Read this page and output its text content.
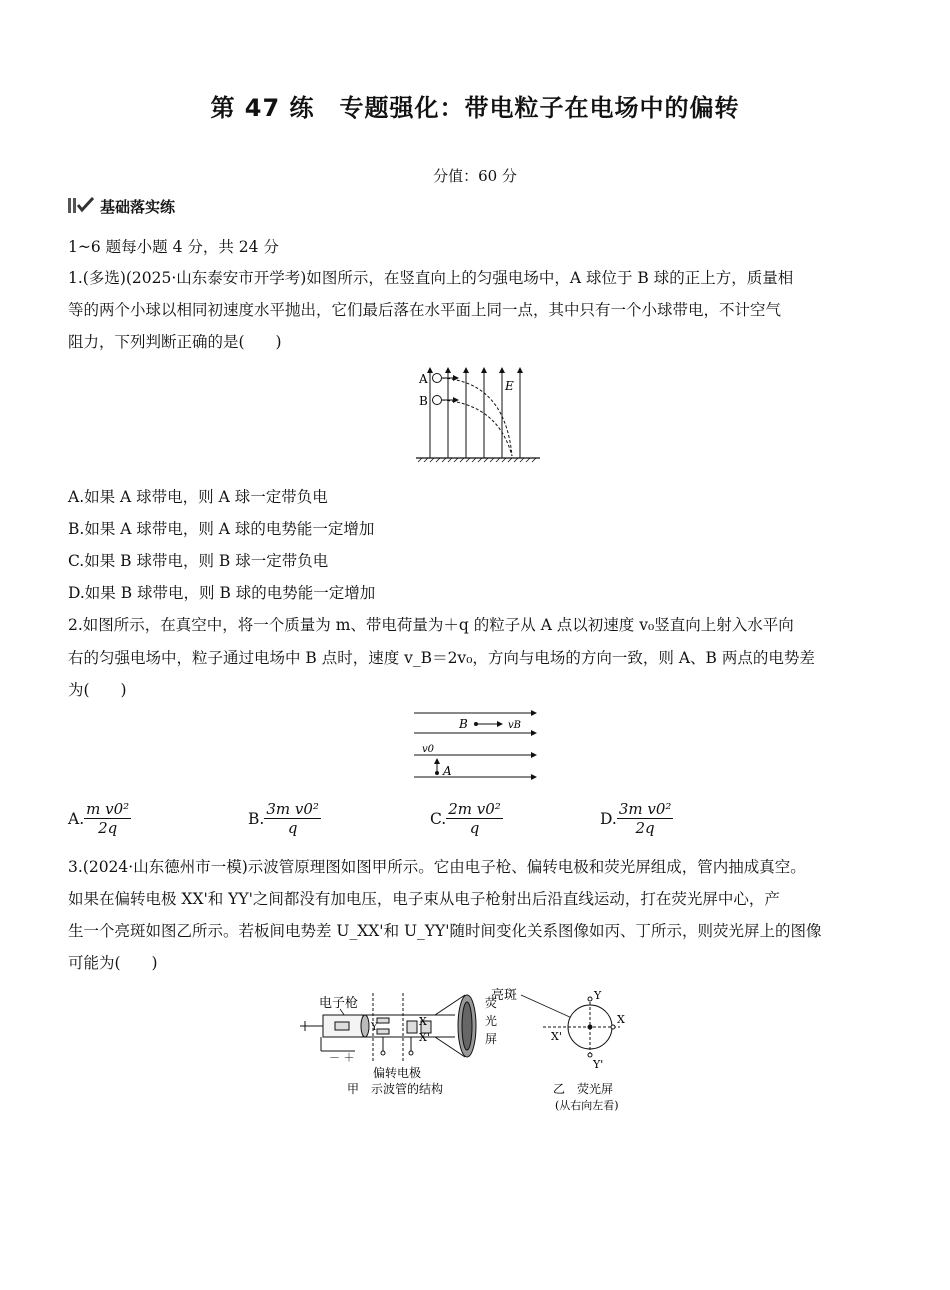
第 47 练　专题强化：带电粒子在电场中的偏转
分值：60 分
基础落实练
1~6 题每小题 4 分，共 24 分
1.(多选)(2025·山东泰安市开学考)如图所示，在竖直向上的匀强电场中，A 球位于 B 球的正上方，质量相
等的两个小球以相同初速度水平抛出，它们最后落在水平面上同一点，其中只有一个小球带电，不计空气
阻力，下列判断正确的是(　　)
A
B
E
A.如果 A 球带电，则 A 球一定带负电
B.如果 A 球带电，则 A 球的电势能一定增加
C.如果 B 球带电，则 B 球一定带负电
D.如果 B 球带电，则 B 球的电势能一定增加
2.如图所示，在真空中，将一个质量为 m、带电荷量为＋q 的粒子从 A 点以初速度 v₀竖直向上射入水平向
右的匀强电场中，粒子通过电场中 B 点时，速度 v_B＝2v₀，方向与电场的方向一致，则 A、B 两点的电势差
为(　　)
B	vB
v0
A
A. $\frac{\text{m v0²}}{2q}$	B. $\frac{\text{3m v0²}}{q}$	C. $\frac{\text{2m v0²}}{q}$	D. $\frac{\text{3m v0²}}{2q}$
3.(2024·山东德州市一模)示波管原理图如图甲所示。它由电子枪、偏转电极和荧光屏组成，管内抽成真空。
如果在偏转电极 XX'和 YY'之间都没有加电压，电子束从电子枪射出后沿直线运动，打在荧光屏中心，产
生一个亮斑如图乙所示。若板间电势差 U_XX'和 U_YY'随时间变化关系图像如丙、丁所示，则荧光屏上的图像
可能为(　　)
电子枪
－ ＋
Y	X
X'
偏转电极
荧
光
屏
亮斑
甲　示波管的结构
Y
Y'
X
X'
乙　荧光屏
(从右向左看)
